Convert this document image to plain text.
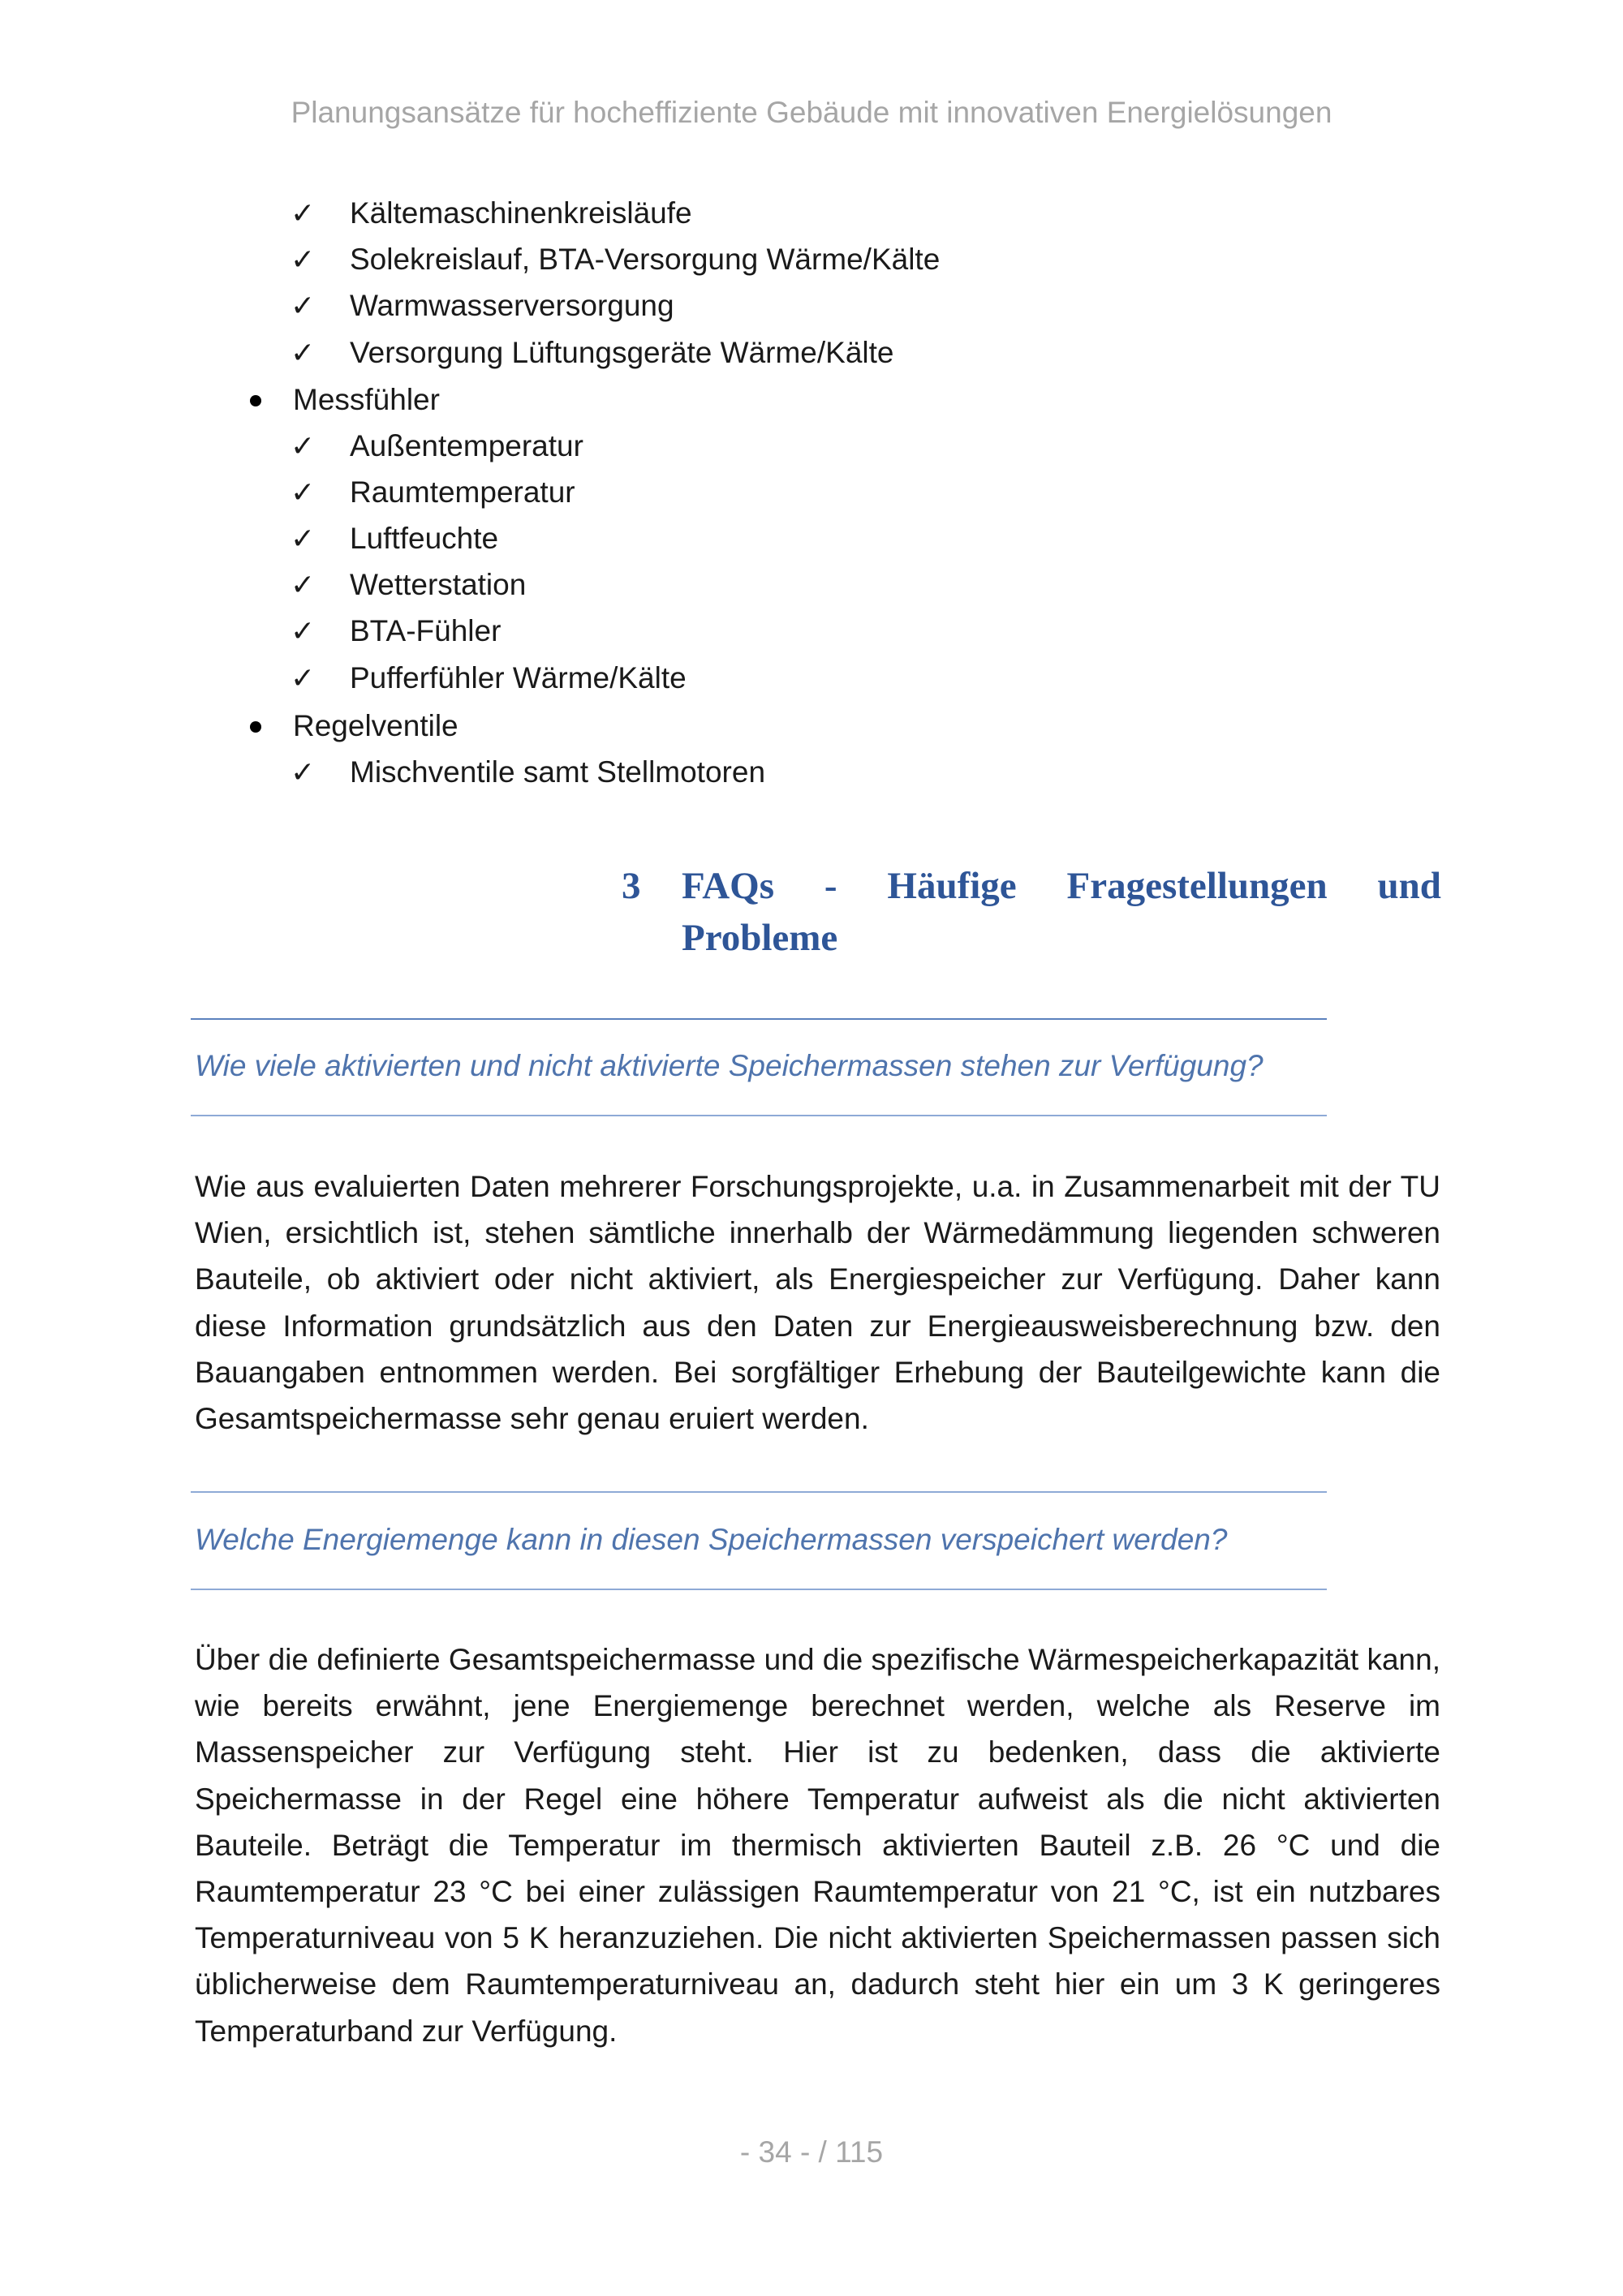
Planungsansätze für hocheffiziente Gebäude mit innovativen Energielösungen
✓ Kältemaschinenkreisläufe
✓ Solekreislauf, BTA-Versorgung Wärme/Kälte
✓ Warmwasserversorgung
✓ Versorgung Lüftungsgeräte Wärme/Kälte
Messfühler
✓ Außentemperatur
✓ Raumtemperatur
✓ Luftfeuchte
✓ Wetterstation
✓ BTA-Fühler
✓ Pufferfühler Wärme/Kälte
Regelventile
✓ Mischventile samt Stellmotoren
3 FAQs - Häufige Fragestellungen und
Probleme
Wie viele aktivierten und nicht aktivierte Speichermassen stehen zur Verfügung?
Wie aus evaluierten Daten mehrerer Forschungsprojekte, u.a. in Zusammenarbeit mit der TU Wien, ersichtlich ist, stehen sämtliche innerhalb der Wärmedämmung liegenden schweren Bauteile, ob aktiviert oder nicht aktiviert, als Energiespeicher zur Verfügung. Daher kann diese Information grundsätzlich aus den Daten zur Energieausweisberechnung bzw. den Bauangaben entnommen werden. Bei sorgfältiger Erhebung der Bauteilgewichte kann die Gesamtspeichermasse sehr genau eruiert werden.
Welche Energiemenge kann in diesen Speichermassen verspeichert werden?
Über die definierte Gesamtspeichermasse und die spezifische Wärmespeicherkapazität kann, wie bereits erwähnt, jene Energiemenge berechnet werden, welche als Reserve im Massenspeicher zur Verfügung steht. Hier ist zu bedenken, dass die aktivierte Speichermasse in der Regel eine höhere Temperatur aufweist als die nicht aktivierten Bauteile. Beträgt die Temperatur im thermisch aktivierten Bauteil z.B. 26 °C und die Raumtemperatur 23 °C bei einer zulässigen Raumtemperatur von 21 °C, ist ein nutzbares Temperaturniveau von 5 K heranzuziehen. Die nicht aktivierten Speichermassen passen sich üblicherweise dem Raumtemperaturniveau an, dadurch steht hier ein um 3 K geringeres Temperaturband zur Verfügung.
- 34 - / 115
